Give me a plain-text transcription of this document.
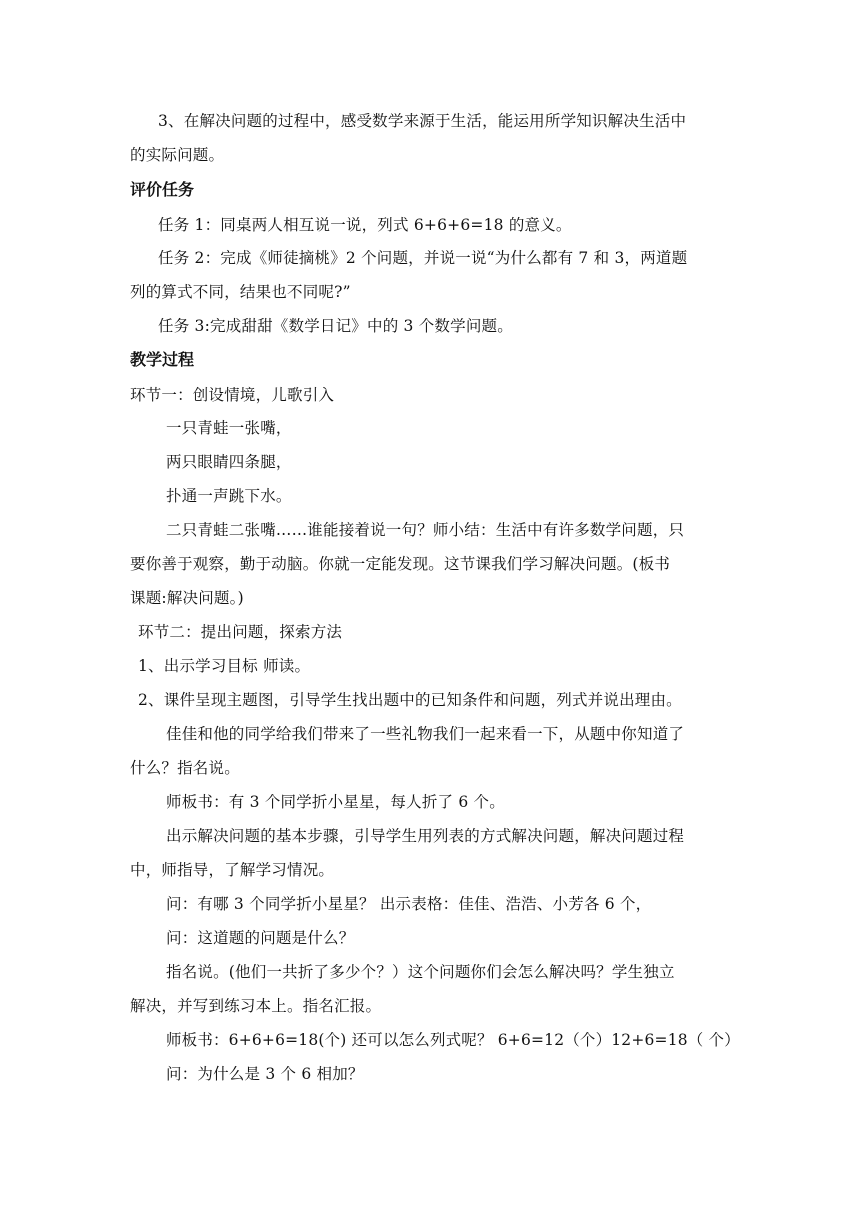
3、在解决问题的过程中，感受数学来源于生活，能运用所学知识解决生活中
的实际问题。
评价任务
任务 1：同桌两人相互说一说，列式 6+6+6=18 的意义。
任务 2：完成《师徒摘桃》2 个问题，并说一说“为什么都有 7 和 3，两道题
列的算式不同，结果也不同呢?”
任务 3:完成甜甜《数学日记》中的 3 个数学问题。
教学过程
环节一：创设情境，儿歌引入
一只青蛙一张嘴，
两只眼睛四条腿，
扑通一声跳下水。
二只青蛙二张嘴……谁能接着说一句？师小结：生活中有许多数学问题，只
要你善于观察，勤于动脑。你就一定能发现。这节课我们学习解决问题。(板书
课题:解决问题。)
环节二：提出问题，探索方法
1、出示学习目标 师读。
2、课件呈现主题图，引导学生找出题中的已知条件和问题，列式并说出理由。
佳佳和他的同学给我们带来了一些礼物我们一起来看一下，从题中你知道了
什么？指名说。
师板书：有 3 个同学折小星星，每人折了 6 个。
出示解决问题的基本步骤，引导学生用列表的方式解决问题，解决问题过程
中，师指导，了解学习情况。
问：有哪 3 个同学折小星星？ 出示表格：佳佳、浩浩、小芳各 6 个，
问：这道题的问题是什么？
指名说。(他们一共折了多少个？）这个问题你们会怎么解决吗？学生独立
解决，并写到练习本上。指名汇报。
师板书：6+6+6=18(个) 还可以怎么列式呢？ 6+6=12（个）12+6=18（ 个）
问：为什么是 3 个 6 相加？
